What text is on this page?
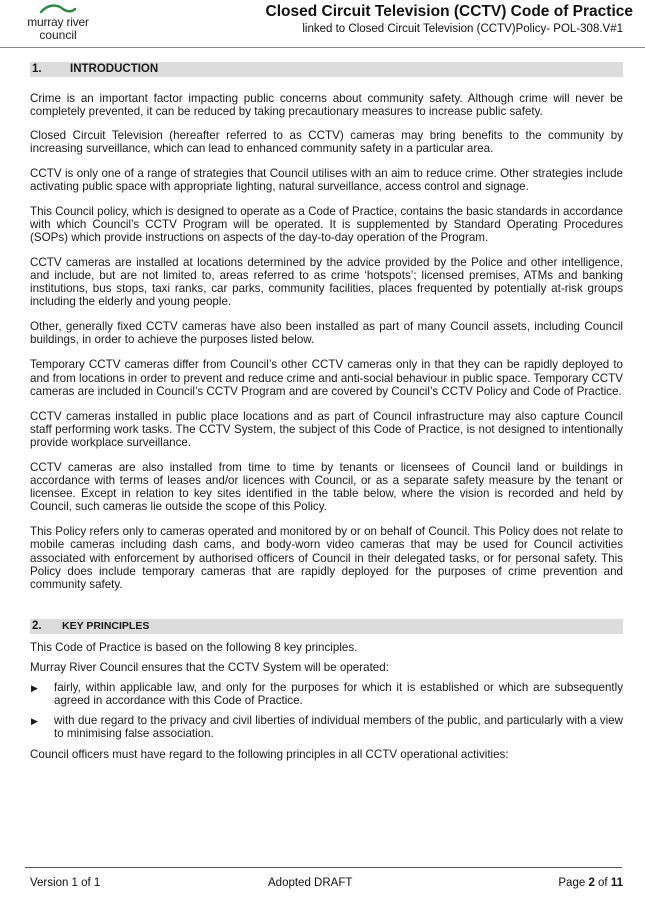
murray river
council
Closed Circuit Television (CCTV) Code of Practice
linked to Closed Circuit Television (CCTV)Policy- POL-308.V#1
1. INTRODUCTION

Crime is an important factor impacting public concerns about community safety. Although crime will never be completely prevented, it can be reduced by taking precautionary measures to increase public safety.

Closed Circuit Television (hereafter referred to as CCTV) cameras may bring benefits to the community by increasing surveillance, which can lead to enhanced community safety in a particular area.

CCTV is only one of a range of strategies that Council utilises with an aim to reduce crime. Other strategies include activating public space with appropriate lighting, natural surveillance, access control and signage.

This Council policy, which is designed to operate as a Code of Practice, contains the basic standards in accordance with which Council’s CCTV Program will be operated. It is supplemented by Standard Operating Procedures (SOPs) which provide instructions on aspects of the day-to-day operation of the Program.

CCTV cameras are installed at locations determined by the advice provided by the Police and other intelligence, and include, but are not limited to, areas referred to as crime ‘hotspots’; licensed premises, ATMs and banking institutions, bus stops, taxi ranks, car parks, community facilities, places frequented by potentially at-risk groups including the elderly and young people.

Other, generally fixed CCTV cameras have also been installed as part of many Council assets, including Council buildings, in order to achieve the purposes listed below.

Temporary CCTV cameras differ from Council’s other CCTV cameras only in that they can be rapidly deployed to and from locations in order to prevent and reduce crime and anti-social behaviour in public space. Temporary CCTV cameras are included in Council’s CCTV Program and are covered by Council’s CCTV Policy and Code of Practice.

CCTV cameras installed in public place locations and as part of Council infrastructure may also capture Council staff performing work tasks. The CCTV System, the subject of this Code of Practice, is not designed to intentionally provide workplace surveillance.

CCTV cameras are also installed from time to time by tenants or licensees of Council land or buildings in accordance with terms of leases and/or licences with Council, or as a separate safety measure by the tenant or licensee. Except in relation to key sites identified in the table below, where the vision is recorded and held by Council, such cameras lie outside the scope of this Policy.

This Policy refers only to cameras operated and monitored by or on behalf of Council. This Policy does not relate to mobile cameras including dash cams, and body-worn video cameras that may be used for Council activities associated with enforcement by authorised officers of Council in their delegated tasks, or for personal safety. This Policy does include temporary cameras that are rapidly deployed for the purposes of crime prevention and community safety.

2. KEY PRINCIPLES

This Code of Practice is based on the following 8 key principles.

Murray River Council ensures that the CCTV System will be operated:

▶ fairly, within applicable law, and only for the purposes for which it is established or which are subsequently agreed in accordance with this Code of Practice.
▶ with due regard to the privacy and civil liberties of individual members of the public, and particularly with a view to minimising false association.

Council officers must have regard to the following principles in all CCTV operational activities:

Version 1 of 1	Adopted DRAFT	Page 2 of 11
